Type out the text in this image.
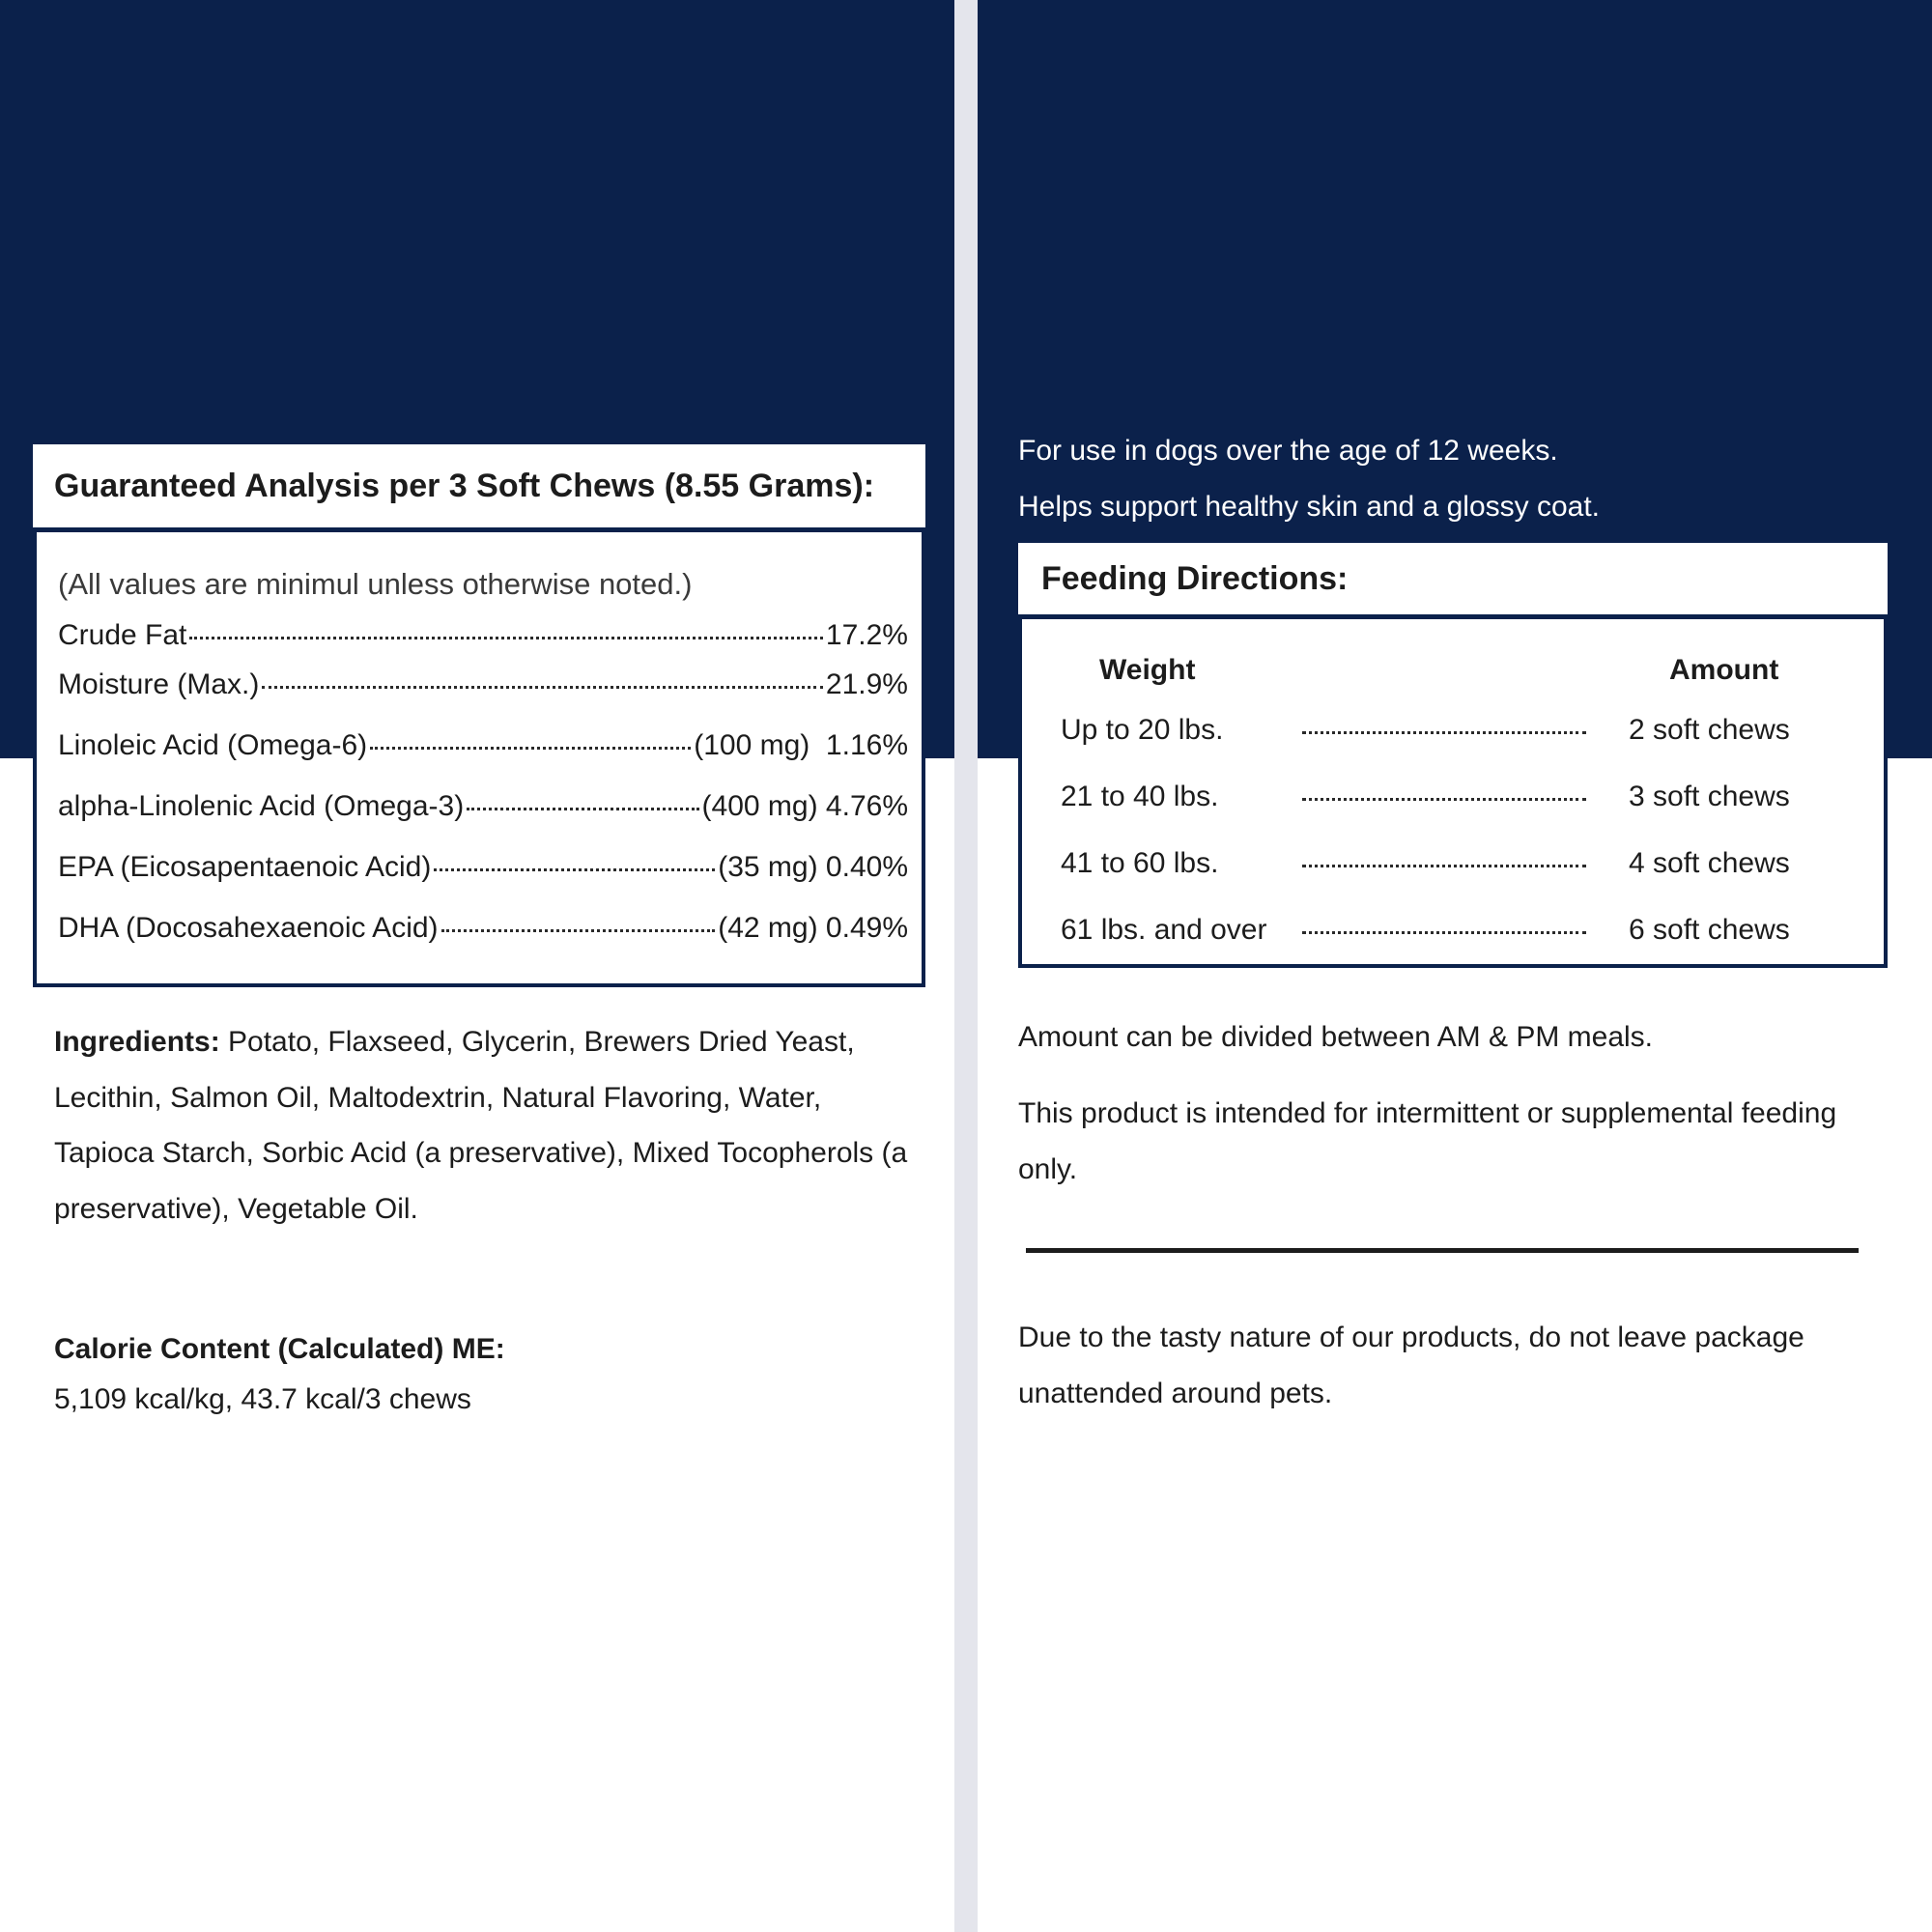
Guaranteed Analysis per 3 Soft Chews (8.55 Grams):
(All values are minimul unless otherwise noted.)
Crude Fat	17.2%
Moisture (Max.)	21.9%
Linoleic Acid (Omega-6)	(100 mg)  1.16%
alpha-Linolenic Acid (Omega-3)	(400 mg) 4.76%
EPA (Eicosapentaenoic Acid)	(35 mg) 0.40%
DHA (Docosahexaenoic Acid)	(42 mg) 0.49%
Ingredients: Potato, Flaxseed, Glycerin, Brewers Dried Yeast, Lecithin, Salmon Oil, Maltodextrin, Natural Flavoring, Water, Tapioca Starch, Sorbic Acid (a preservative), Mixed Tocopherols (a preservative), Vegetable Oil.
Calorie Content (Calculated) ME:
5,109 kcal/kg, 43.7 kcal/3 chews
For use in dogs over the age of 12 weeks.
Helps support healthy skin and a glossy coat.
Feeding Directions:
Weight	Amount
Up to 20 lbs.	2 soft chews
21 to 40 lbs.	3 soft chews
41 to 60 lbs.	4 soft chews
61 lbs. and over	6 soft chews
Amount can be divided between AM & PM meals.
This product is intended for intermittent or supplemental feeding only.
Due to the tasty nature of our products, do not leave package unattended around pets.
